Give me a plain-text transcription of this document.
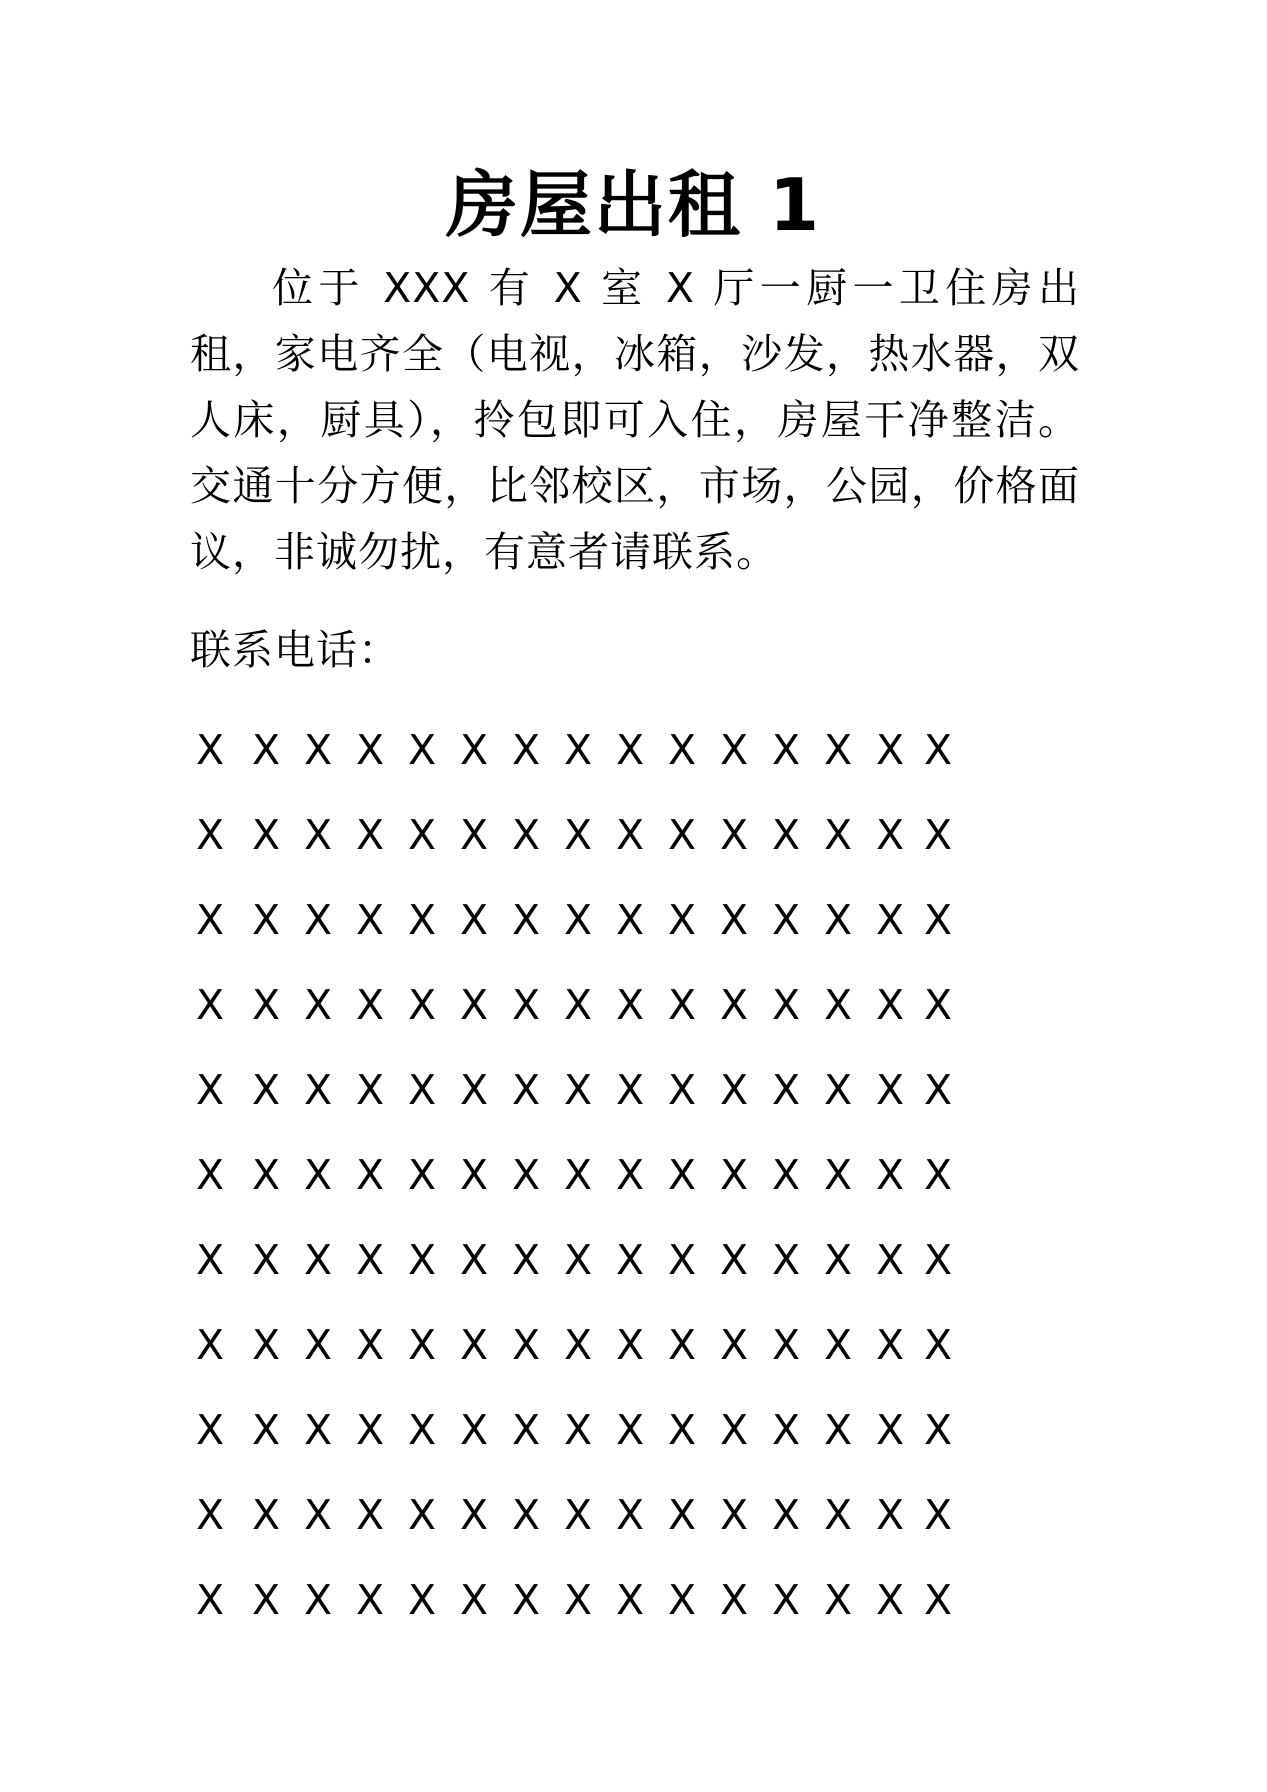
房屋出租 1
位于 XXX 有 X 室 X 厅一厨一卫住房出租，家电齐全（电视，冰箱，沙发，热水器，双人床，厨具），拎包即可入住，房屋干净整洁。交通十分方便，比邻校区，市场，公园，价格面议，非诚勿扰，有意者请联系。
联系电话：
X X X X X X X X X X X X X X X
X X X X X X X X X X X X X X X
X X X X X X X X X X X X X X X
X X X X X X X X X X X X X X X
X X X X X X X X X X X X X X X
X X X X X X X X X X X X X X X
X X X X X X X X X X X X X X X
X X X X X X X X X X X X X X X
X X X X X X X X X X X X X X X
X X X X X X X X X X X X X X X
X X X X X X X X X X X X X X X
